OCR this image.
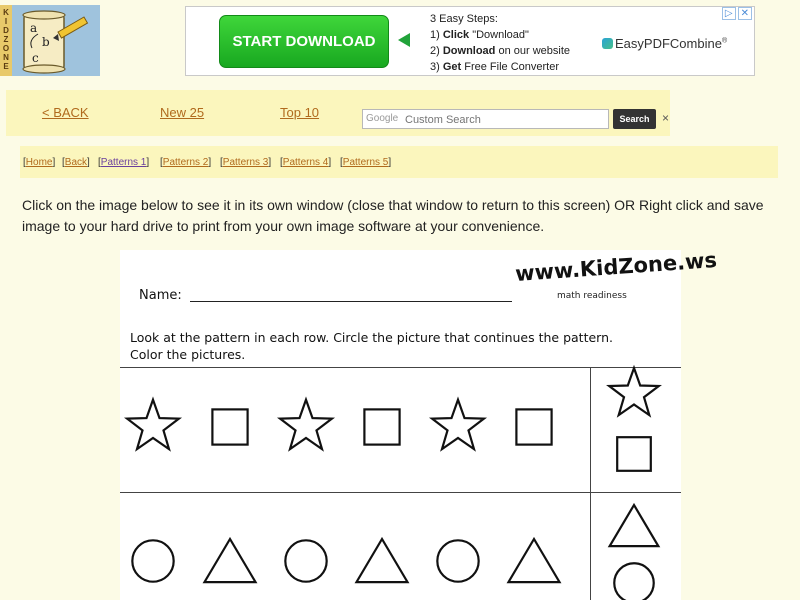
K
I
D
Z
O
N
E
a
b
c
START DOWNLOAD
3 Easy Steps:
1) Click "Download"
2) Download on our website
3) Get Free File Converter
EasyPDFCombine®
▷ ✕
< BACK	New 25	Top 10	Google
Custom Search	Search	×
[Home] [Back] [Patterns 1] [Patterns 2] [Patterns 3] [Patterns 4] [Patterns 5]
Click on the image below to see it in its own window (close that window to return to this screen) OR Right click and save image to your hard drive to print from your own image software at your convenience.
Name:
www.KidZone.ws
math readiness
Look at the pattern in each row. Circle the picture that continues the pattern.
Color the pictures.
